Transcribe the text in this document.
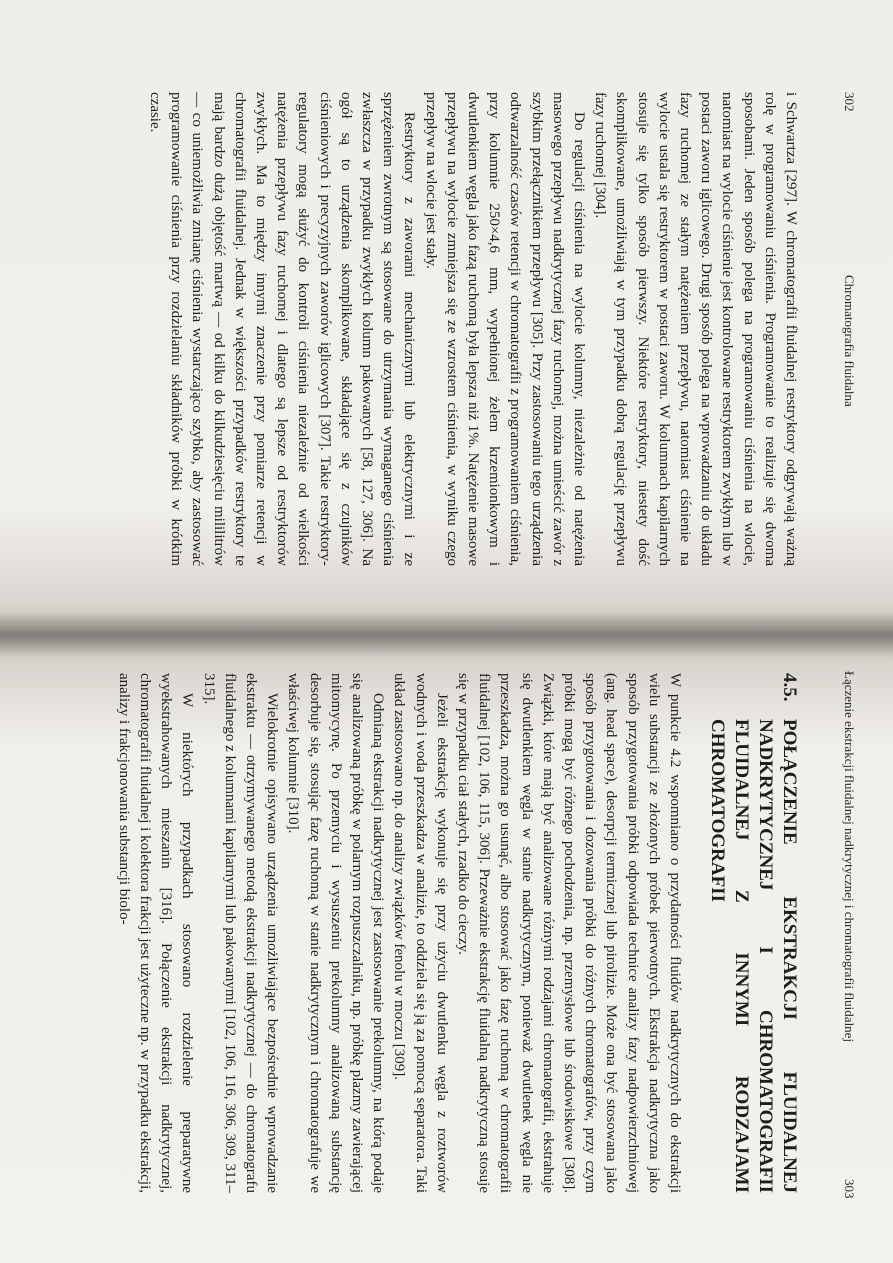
302
Chromatografia fluidalna

i Schwartza [297]. W chromatografii fluidalnej restryktory odgrywają ważną rolę w programowaniu ciśnienia. Programowanie to realizuje się dwoma sposobami. Jeden sposób polega na programowaniu ciśnienia na wlocie, natomiast na wylocie ciśnienie jest kontrolowane restryktorem zwykłym lub w postaci zaworu iglicowego. Drugi sposób polega na wprowadzaniu do układu fazy ruchomej ze stałym natężeniem przepływu, natomiast ciśnienie na wylocie ustala się restryktorem w postaci zaworu. W kolumnach kapilarnych stosuje się tylko sposób pierwszy. Niektóre restryktory, niestety dość skomplikowane, umożliwiają w tym przypadku dobrą regulację przepływu fazy ruchomej [304].

Do regulacji ciśnienia na wylocie kolumny, niezależnie od natężenia masowego przepływu nadkrytycznej fazy ruchomej, można umieścić zawór z szybkim przełącznikiem przepływu [305]. Przy zastosowaniu tego urządzenia odtwarzalność czasów retencji w chromatografii z programowaniem ciśnienia, przy kolumnie 250×4,6 mm, wypełnionej żelem krzemionkowym i dwutlenkiem węgla jako fazą ruchomą była lepsza niż 1%. Natężenie masowe przepływu na wylocie zmniejsza się ze wzrostem ciśnienia, w wyniku czego przepływ na wlocie jest stały.

Restryktory z zaworami mechanicznymi lub elektrycznymi i ze sprzężeniem zwrotnym są stosowane do utrzymania wymaganego ciśnienia zwłaszcza w przypadku zwykłych kolumn pakowanych [58, 127, 306]. Na ogół są to urządzenia skomplikowane, składające się z czujników ciśnieniowych i precyzyjnych zaworów iglicowych [307]. Takie restryktory-regulatory mogą służyć do kontroli ciśnienia niezależnie od wielkości natężenia przepływu fazy ruchomej i dlatego są lepsze od restryktorów zwykłych. Ma to między innymi znaczenie przy pomiarze retencji w chromatografii fluidalnej. Jednak w większości przypadków restryktory te mają bardzo dużą objętość martwą — od kilku do kilkudziesięciu mililitrów — co uniemożliwia zmianę ciśnienia wystarczająco szybko, aby zastosować programowanie ciśnienia przy rozdzielaniu składników próbki w krótkim czasie.

Łączenie ekstrakcji fluidalnej nadkrytycznej i chromatografii fluidalnej
303
4.5.
POŁĄCZENIE EKSTRAKCJI FLUIDALNEJ NADKRYTYCZNEJ I CHROMATOGRAFII FLUIDALNEJ Z INNYMI RODZAJAMI CHROMATOGRAFII

W punkcie 4.2 wspomniano o przydatności fluidów nadkrytycznych do ekstrakcji wielu substancji ze złożonych próbek pierwotnych. Ekstrakcja nadkrytyczna jako sposób przygotowania próbki odpowiada technice analizy fazy nadpowierzchniowej (ang. head space), desorpcji termicznej lub pirolizie. Może ona być stosowana jako sposób przygotowania i dozowania próbki do różnych chromatografów, przy czym próbki mogą być różnego pochodzenia, np. przemysłowe lub środowiskowe [308]. Związki, które mają być analizowane różnymi rodzajami chromatografii, ekstrahuje się dwutlenkiem węgla w stanie nadkrytycznym, ponieważ dwutlenek węgla nie przeszkadza, można go usunąć, albo stosować jako fazę ruchomą w chromatografii fluidalnej [102, 106, 115, 306]. Przeważnie ekstrakcję fluidalną nadkrytyczną stosuje się w przypadku ciał stałych, rzadko do cieczy.

Jeżeli ekstrakcję wykonuje się przy użyciu dwutlenku węgla z roztworów wodnych i woda przeszkadza w analizie, to oddziela się ją za pomocą separatora. Taki układ zastosowano np. do analizy związków fenolu w moczu [309].

Odmianą ekstrakcji nadkrytycznej jest zastosowanie prekolumny, na którą podaje się analizowaną próbkę w polarnym rozpuszczalniku, np. próbkę plazmy zawierającej mitomycynę. Po przemyciu i wysuszeniu prekolumny analizowaną substancję desorbuje się, stosując fazę ruchomą w stanie nadkrytycznym i chromatografuje we właściwej kolumnie [310].

Wielokrotnie opisywano urządzenia umożliwiające bezpośrednie wprowadzanie ekstraktu — otrzymywanego metodą ekstrakcji nadkrytycznej — do chromatografu fluidalnego z kolumnami kapilarnymi lub pakowanymi [102, 106, 116, 306, 309, 311–315].

W niektórych przypadkach stosowano rozdzielenie preparatywne wyekstrahowanych mieszanin [316]. Połączenie ekstrakcji nadkrytycznej, chromatografii fluidalnej i kolektora frakcji jest użyteczne np. w przypadku ekstrakcji, analizy i frakcjonowania substancji biolo-
